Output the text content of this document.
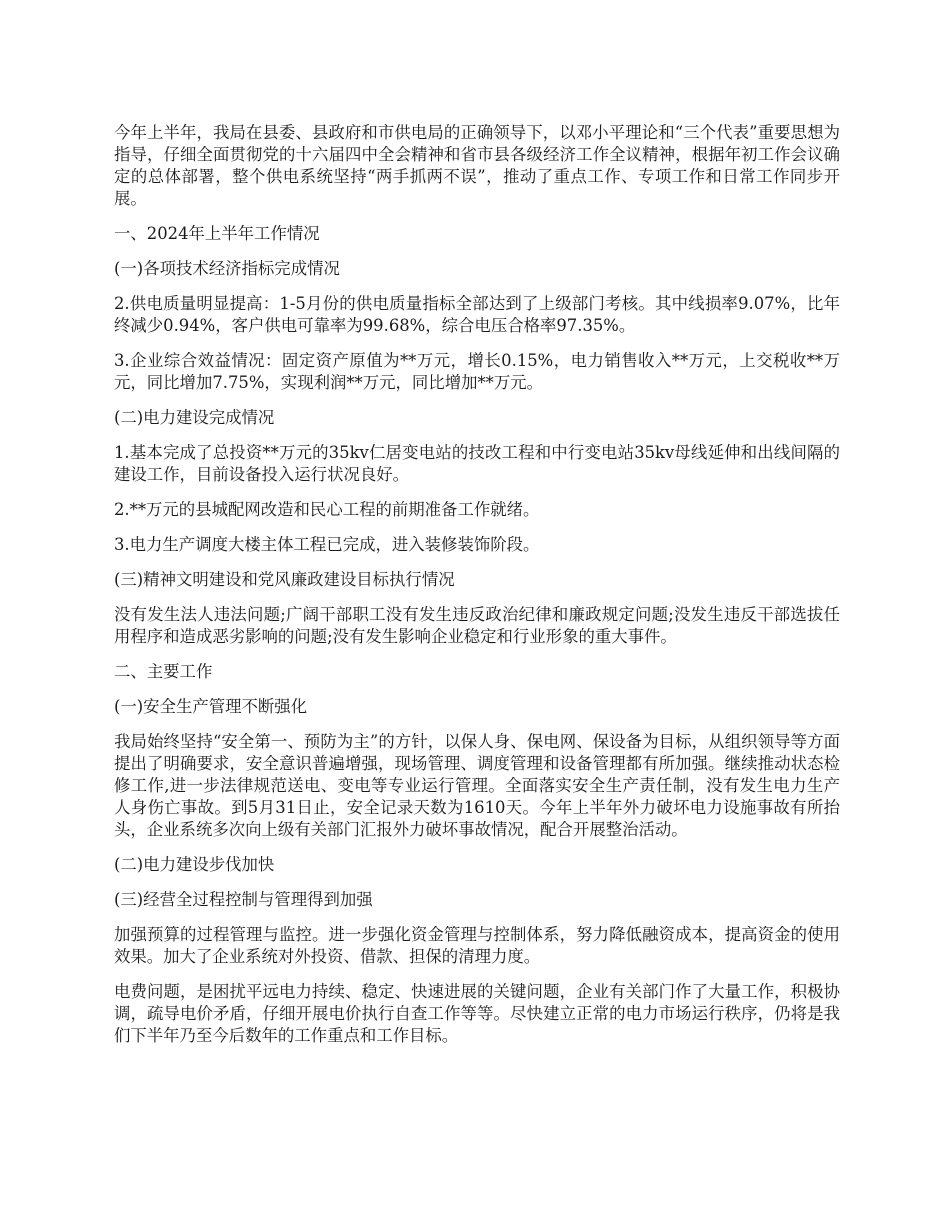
今年上半年，我局在县委、县政府和市供电局的正确领导下，以邓小平理论和“三个代表”重要思想为指导，仔细全面贯彻党的十六届四中全会精神和省市县各级经济工作全议精神，根据年初工作会议确定的总体部署，整个供电系统坚持“两手抓两不误”，推动了重点工作、专项工作和日常工作同步开展。

一、2024年上半年工作情况

(一)各项技术经济指标完成情况

2.供电质量明显提高：1-5月份的供电质量指标全部达到了上级部门考核。其中线损率9.07%，比年终减少0.94%，客户供电可靠率为99.68%，综合电压合格率97.35%。

3.企业综合效益情况：固定资产原值为**万元，增长0.15%，电力销售收入**万元，上交税收**万元，同比增加7.75%，实现利润**万元，同比增加**万元。

(二)电力建设完成情况

1.基本完成了总投资**万元的35kv仁居变电站的技改工程和中行变电站35kv母线延伸和出线间隔的建设工作，目前设备投入运行状况良好。

2.**万元的县城配网改造和民心工程的前期准备工作就绪。

3.电力生产调度大楼主体工程已完成，进入装修装饰阶段。

(三)精神文明建设和党风廉政建设目标执行情况

没有发生法人违法问题;广阔干部职工没有发生违反政治纪律和廉政规定问题;没发生违反干部选拔任用程序和造成恶劣影响的问题;没有发生影响企业稳定和行业形象的重大事件。

二、主要工作

(一)安全生产管理不断强化

我局始终坚持“安全第一、预防为主”的方针，以保人身、保电网、保设备为目标，从组织领导等方面提出了明确要求，安全意识普遍增强，现场管理、调度管理和设备管理都有所加强。继续推动状态检修工作,进一步法律规范送电、变电等专业运行管理。全面落实安全生产责任制，没有发生电力生产人身伤亡事故。到5月31日止，安全记录天数为1610天。今年上半年外力破坏电力设施事故有所抬头，企业系统多次向上级有关部门汇报外力破坏事故情况，配合开展整治活动。

(二)电力建设步伐加快

(三)经营全过程控制与管理得到加强

加强预算的过程管理与监控。进一步强化资金管理与控制体系，努力降低融资成本，提高资金的使用效果。加大了企业系统对外投资、借款、担保的清理力度。

电费问题，是困扰平远电力持续、稳定、快速进展的关键问题，企业有关部门作了大量工作，积极协调，疏导电价矛盾，仔细开展电价执行自查工作等等。尽快建立正常的电力市场运行秩序，仍将是我们下半年乃至今后数年的工作重点和工作目标。
